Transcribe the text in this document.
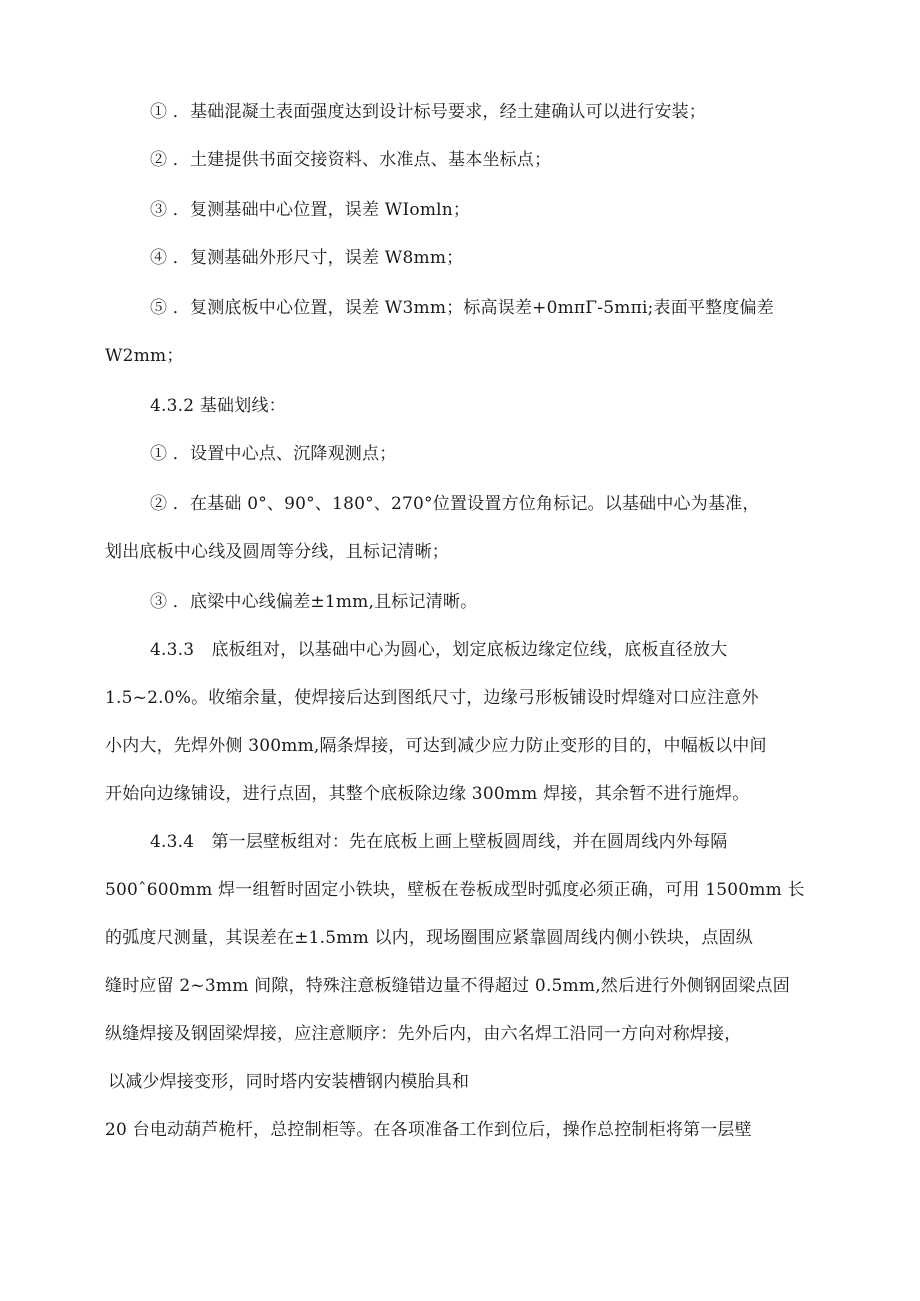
① ．基础混凝土表面强度达到设计标号要求，经土建确认可以进行安装；
② ．土建提供书面交接资料、水准点、基本坐标点；
③ ．复测基础中心位置，误差 WIomln；
④ ．复测基础外形尺寸，误差 W8mm；
⑤ ．复测底板中心位置，误差 W3mm；标高误差+0mπΓ-5mπi;表面平整度偏差
W2mm；
4.3.2 基础划线：
① ．设置中心点、沉降观测点；
② ．在基础 0°、90°、180°、270°位置设置方位角标记。以基础中心为基准，
划出底板中心线及圆周等分线，且标记清晰；
③ ．底梁中心线偏差±1mm,且标记清晰。
4.3.3　底板组对，以基础中心为圆心，划定底板边缘定位线，底板直径放大
1.5~2.0%。收缩余量，使焊接后达到图纸尺寸，边缘弓形板铺设时焊缝对口应注意外
小内大，先焊外侧 300mm,隔条焊接，可达到减少应力防止变形的目的，中幅板以中间
开始向边缘铺设，进行点固，其整个底板除边缘 300mm 焊接，其余暂不进行施焊。
4.3.4　第一层壁板组对：先在底板上画上壁板圆周线，并在圆周线内外每隔
500ˆ600mm 焊一组暂时固定小铁块，壁板在卷板成型时弧度必须正确，可用 1500mm 长
的弧度尺测量，其误差在±1.5mm 以内，现场圈围应紧靠圆周线内侧小铁块，点固纵
缝时应留 2~3mm 间隙，特殊注意板缝错边量不得超过 0.5mm,然后进行外侧钢固梁点固
纵缝焊接及钢固梁焊接，应注意顺序：先外后内，由六名焊工沿同一方向对称焊接，
以减少焊接变形，同时塔内安装槽钢内模胎具和
20 台电动葫芦桅杆，总控制柜等。在各项准备工作到位后，操作总控制柜将第一层壁
